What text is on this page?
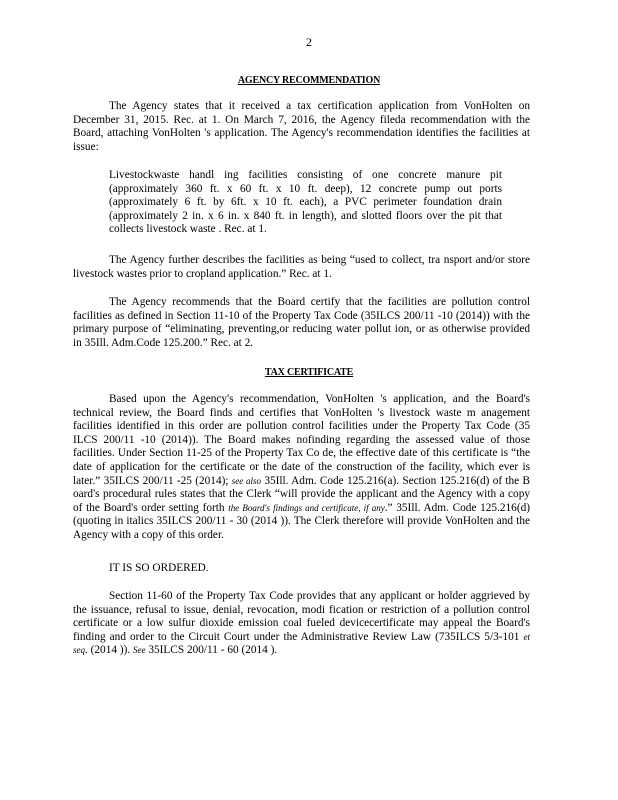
2
AGENCY RECOMMENDATION
The Agency states that it received a tax certification application from VonHolten on December 31, 2015. Rec. at 1. On March 7, 2016, the Agency fileda recommendation with the Board, attaching VonHolten 's application. The Agency's recommendation identifies the facilities at issue:
Livestockwaste handl ing facilities consisting of one concrete manure pit (approximately 360 ft. x 60 ft. x 10 ft. deep), 12 concrete pump out ports (approximately 6 ft. by 6ft. x 10 ft. each), a PVC perimeter foundation drain (approximately 2 in. x 6 in. x 840 ft. in length), and slotted floors over the pit that collects livestock waste . Rec. at 1.
The Agency further describes the facilities as being “used to collect, tra nsport and/or store livestock wastes prior to cropland application.” Rec. at 1.
The Agency recommends that the Board certify that the facilities are pollution control facilities as defined in Section 11-10 of the Property Tax Code (35ILCS 200/11 -10 (2014)) with the primary purpose of “eliminating, preventing,or reducing water pollut ion, or as otherwise provided in 35Ill. Adm.Code 125.200.” Rec. at 2.
TAX CERTIFICATE
Based upon the Agency's recommendation, VonHolten 's application, and the Board's technical review, the Board finds and certifies that VonHolten 's livestock waste m anagement facilities identified in this order are pollution control facilities under the Property Tax Code (35 ILCS 200/11 -10 (2014)). The Board makes nofinding regarding the assessed value of those facilities. Under Section 11-25 of the Property Tax Co de, the effective date of this certificate is “the date of application for the certificate or the date of the construction of the facility, which ever is later.” 35ILCS 200/11 -25 (2014); see also 35Ill. Adm. Code 125.216(a). Section 125.216(d) of the B oard's procedural rules states that the Clerk “will provide the applicant and the Agency with a copy of the Board's order setting forth the Board's findings and certificate, if any.” 35Ill. Adm. Code 125.216(d) (quoting in italics 35ILCS 200/11 - 30 (2014 )). The Clerk therefore will provide VonHolten and the Agency with a copy of this order.
IT IS SO ORDERED.
Section 11-60 of the Property Tax Code provides that any applicant or holder aggrieved by the issuance, refusal to issue, denial, revocation, modi fication or restriction of a pollution control certificate or a low sulfur dioxide emission coal fueled devicecertificate may appeal the Board's finding and order to the Circuit Court under the Administrative Review Law (735ILCS 5/3-101 et seq. (2014 )). See 35ILCS 200/11 - 60 (2014 ).
